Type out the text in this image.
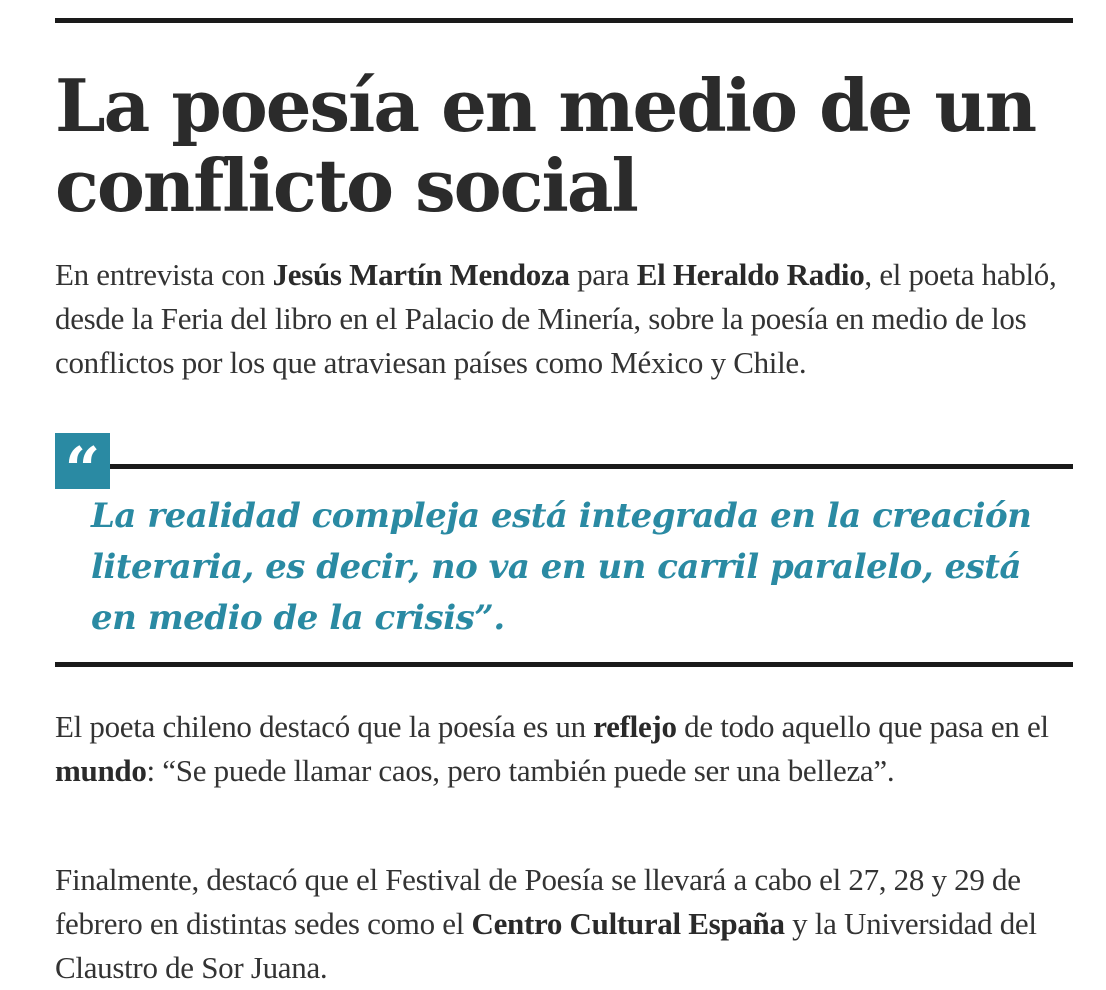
La poesía en medio de un conflicto social

En entrevista con Jesús Martín Mendoza para El Heraldo Radio, el poeta habló, desde la Feria del libro en el Palacio de Minería, sobre la poesía en medio de los conflictos por los que atraviesan países como México y Chile.

“

La realidad compleja está integrada en la creación literaria, es decir, no va en un carril paralelo, está en medio de la crisis”.

El poeta chileno destacó que la poesía es un reflejo de todo aquello que pasa en el mundo: “Se puede llamar caos, pero también puede ser una belleza”.

Finalmente, destacó que el Festival de Poesía se llevará a cabo el 27, 28 y 29 de febrero en distintas sedes como el Centro Cultural España y la Universidad del Claustro de Sor Juana.
